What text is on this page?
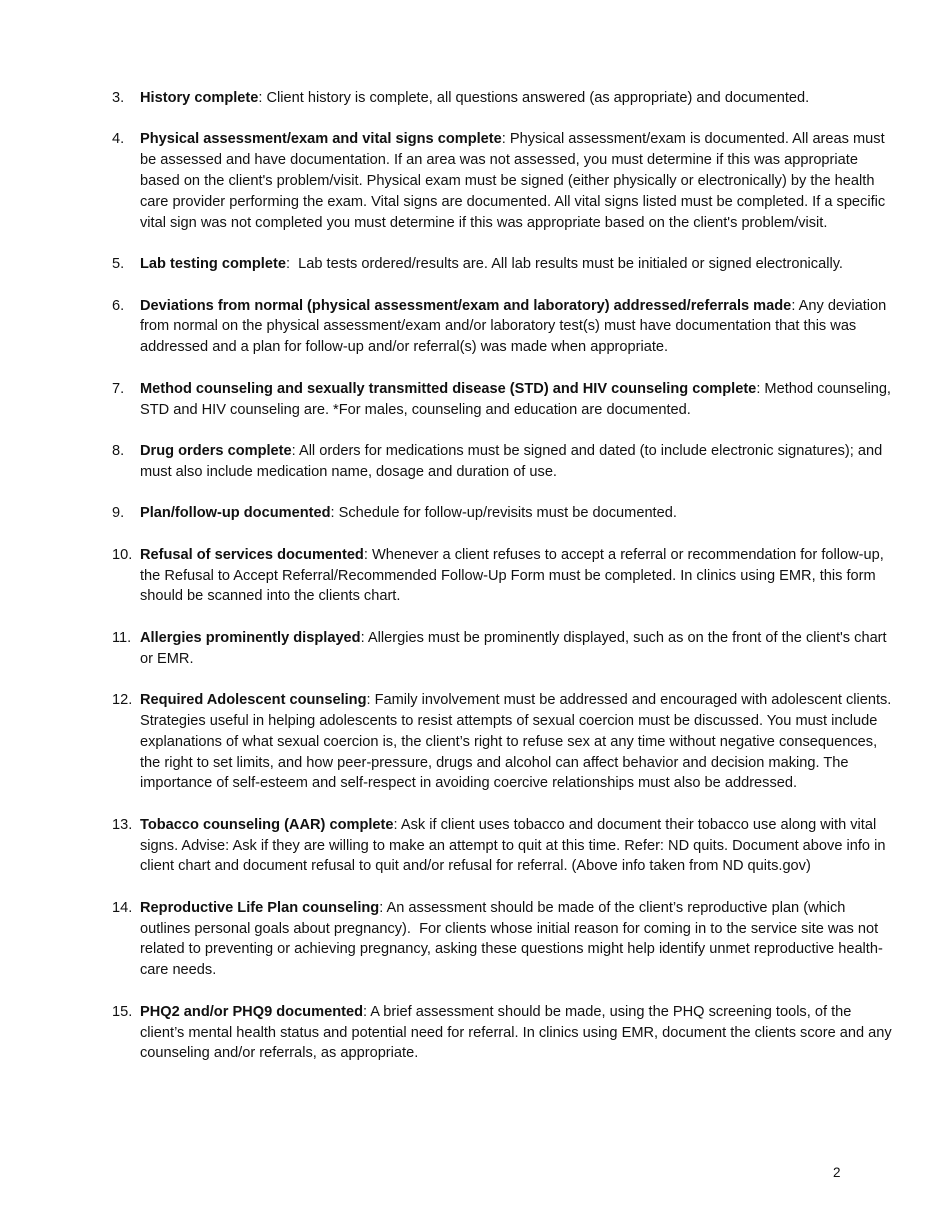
3.	History complete: Client history is complete, all questions answered (as appropriate) and documented.
4.	Physical assessment/exam and vital signs complete: Physical assessment/exam is documented. All areas must be assessed and have documentation. If an area was not assessed, you must determine if this was appropriate based on the client's problem/visit. Physical exam must be signed (either physically or electronically) by the health care provider performing the exam. Vital signs are documented. All vital signs listed must be completed. If a specific vital sign was not completed you must determine if this was appropriate based on the client's problem/visit.
5.	Lab testing complete:  Lab tests ordered/results are. All lab results must be initialed or signed electronically.
6.	Deviations from normal (physical assessment/exam and laboratory) addressed/referrals made: Any deviation from normal on the physical assessment/exam and/or laboratory test(s) must have documentation that this was addressed and a plan for follow-up and/or referral(s) was made when appropriate.
7.	Method counseling and sexually transmitted disease (STD) and HIV counseling complete: Method counseling, STD and HIV counseling are. *For males, counseling and education are documented.
8.	Drug orders complete: All orders for medications must be signed and dated (to include electronic signatures); and  must also include medication name, dosage and duration of use.
9.	Plan/follow-up documented: Schedule for follow-up/revisits must be documented.
10. Refusal of services documented: Whenever a client refuses to accept a referral or recommendation for follow-up, the Refusal to Accept Referral/Recommended Follow-Up Form must be completed. In clinics using EMR, this form should be scanned into the clients chart.
11. Allergies prominently displayed: Allergies must be prominently displayed, such as on the front of the client's chart or EMR.
12. Required Adolescent counseling: Family involvement must be addressed and encouraged with adolescent clients. Strategies useful in helping adolescents to resist attempts of sexual coercion must be discussed. You must include explanations of what sexual coercion is, the client’s right to refuse sex at any time without negative consequences, the right to set limits, and how peer-pressure, drugs and alcohol can affect behavior and decision making. The importance of self-esteem and self-respect in avoiding coercive relationships must also be addressed.
13. Tobacco counseling (AAR) complete: Ask if client uses tobacco and document their tobacco use along with vital signs. Advise: Ask if they are willing to make an attempt to quit at this time. Refer: ND quits. Document above info in client chart and document refusal to quit and/or refusal for referral. (Above info taken from ND quits.gov)
14. Reproductive Life Plan counseling: An assessment should be made of the client’s reproductive plan (which outlines personal goals about pregnancy).  For clients whose initial reason for coming in to the service site was not related to preventing or achieving pregnancy, asking these questions might help identify unmet reproductive health-care needs.
15. PHQ2 and/or PHQ9 documented: A brief assessment should be made, using the PHQ screening tools, of the client’s mental health status and potential need for referral. In clinics using EMR, document the clients score and any counseling and/or referrals, as appropriate.
2
